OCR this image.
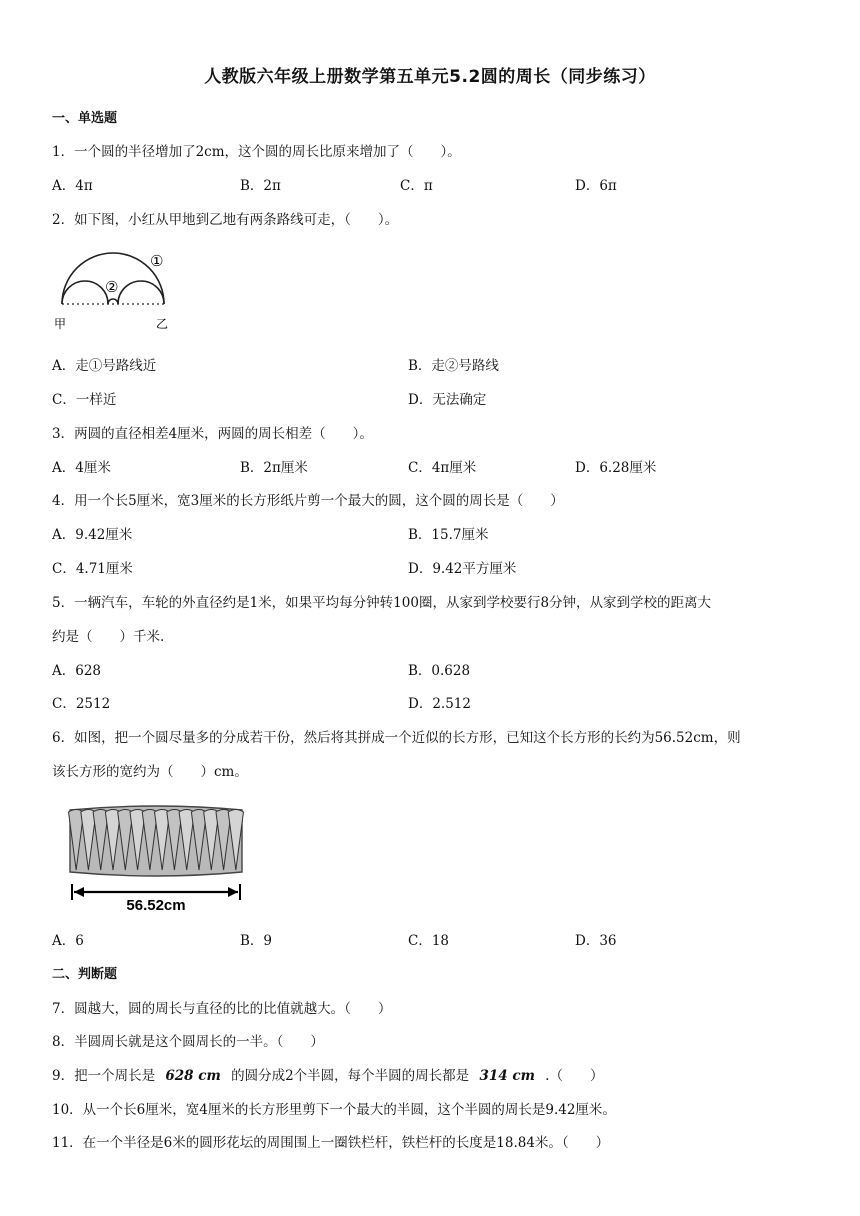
人教版六年级上册数学第五单元5.2圆的周长（同步练习）
一、单选题
1．一个圆的半径增加了2cm，这个圆的周长比原来增加了（　　）。
A．4π	B．2π	C．π	D．6π
2．如下图，小红从甲地到乙地有两条路线可走，（　　）。
①
②
甲	乙
A．走①号路线近	B．走②号路线
C．一样近	D．无法确定
3．两圆的直径相差4厘米，两圆的周长相差（　　）。
A．4厘米	B．2π厘米	C．4π厘米	D．6.28厘米
4．用一个长5厘米，宽3厘米的长方形纸片剪一个最大的圆，这个圆的周长是（　　）
A．9.42厘米	B．15.7厘米
C．4.71厘米	D．9.42平方厘米
5．一辆汽车，车轮的外直径约是1米，如果平均每分钟转100圈，从家到学校要行8分钟，从家到学校的距离大
约是（　　）千米.
A．628	B．0.628
C．2512	D．2.512
6．如图，把一个圆尽量多的分成若干份，然后将其拼成一个近似的长方形，已知这个长方形的长约为56.52cm，则
该长方形的宽约为（　　）cm。
56.52cm
A．6	B．9	C．18	D．36
二、判断题
7．圆越大，圆的周长与直径的比的比值就越大。（　　）
8．半圆周长就是这个圆周长的一半。（　　）
9．把一个周长是 628 cm 的圆分成2个半圆，每个半圆的周长都是 314 cm .（　　）
10．从一个长6厘米，宽4厘米的长方形里剪下一个最大的半圆，这个半圆的周长是9.42厘米。
11．在一个半径是6米的圆形花坛的周围围上一圈铁栏杆，铁栏杆的长度是18.84米。（　　）
